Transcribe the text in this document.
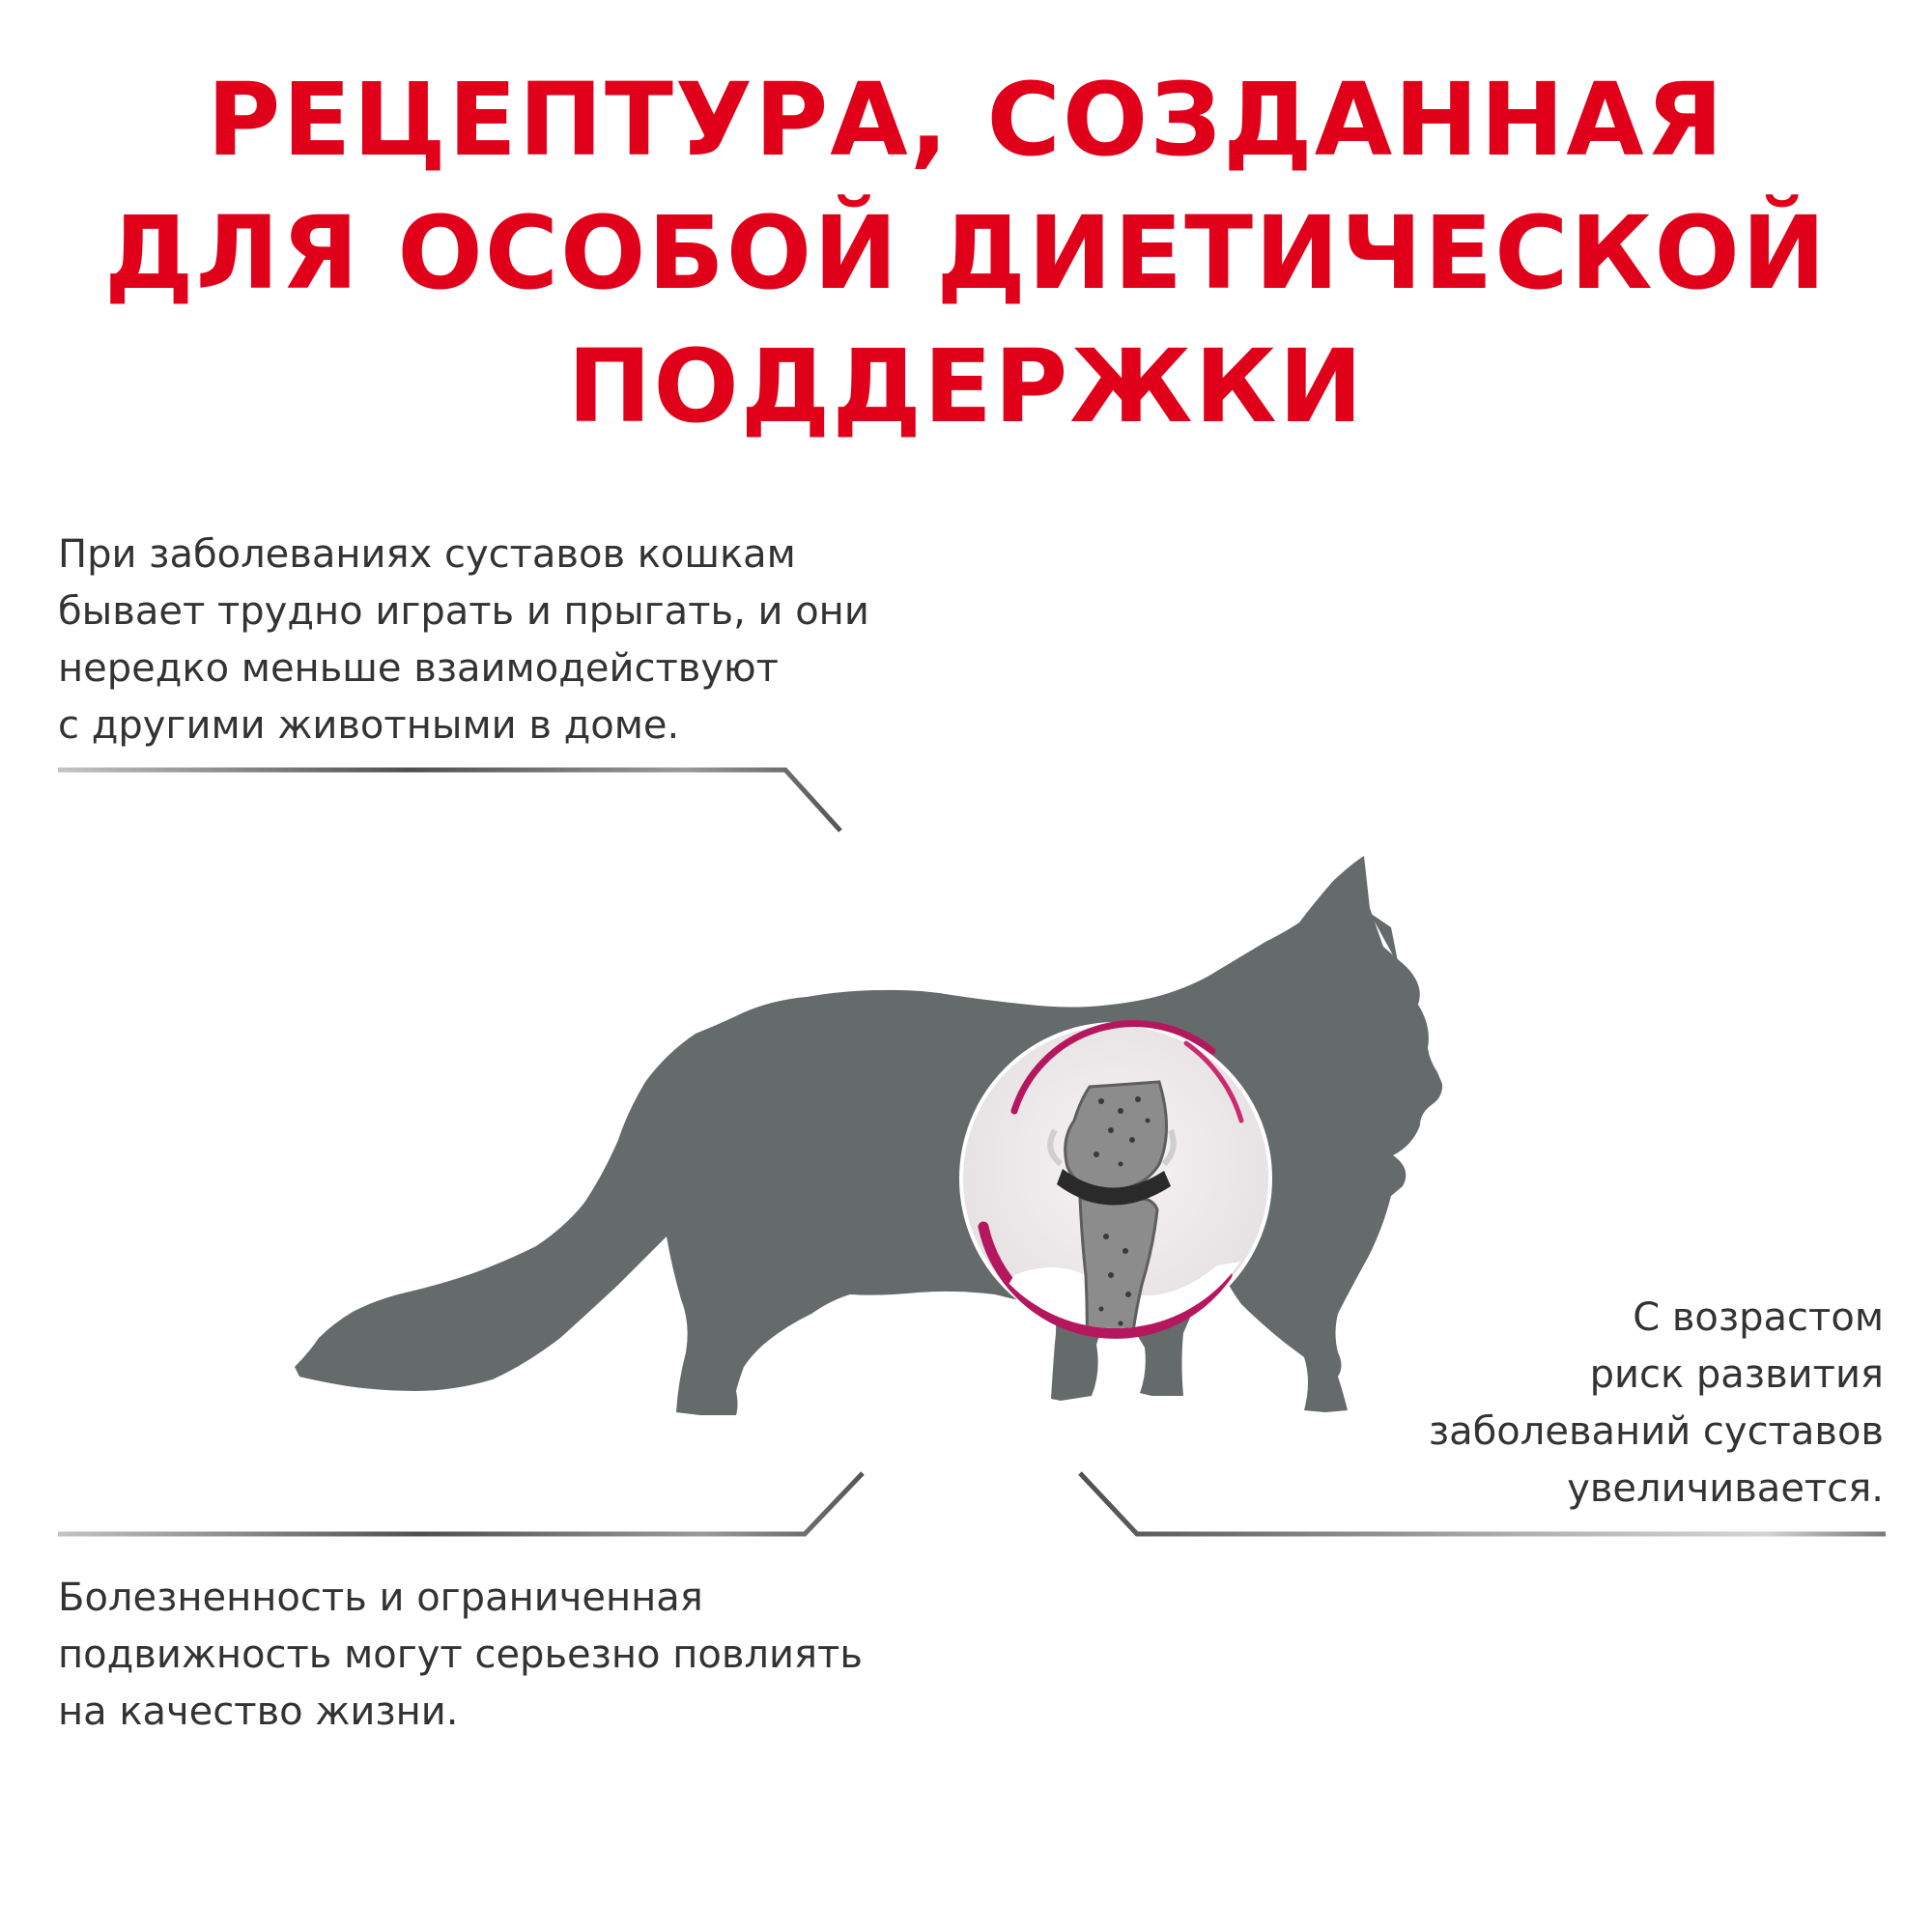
РЕЦЕПТУРА, СОЗДАННАЯ
ДЛЯ ОСОБОЙ ДИЕТИЧЕСКОЙ
ПОДДЕРЖКИ

При заболеваниях суставов кошкам
бывает трудно играть и прыгать, и они
нередко меньше взаимодействуют
с другими животными в доме.

С возрастом
риск развития
заболеваний суставов
увеличивается.

Болезненность и ограниченная
подвижность могут серьезно повлиять
на качество жизни.
